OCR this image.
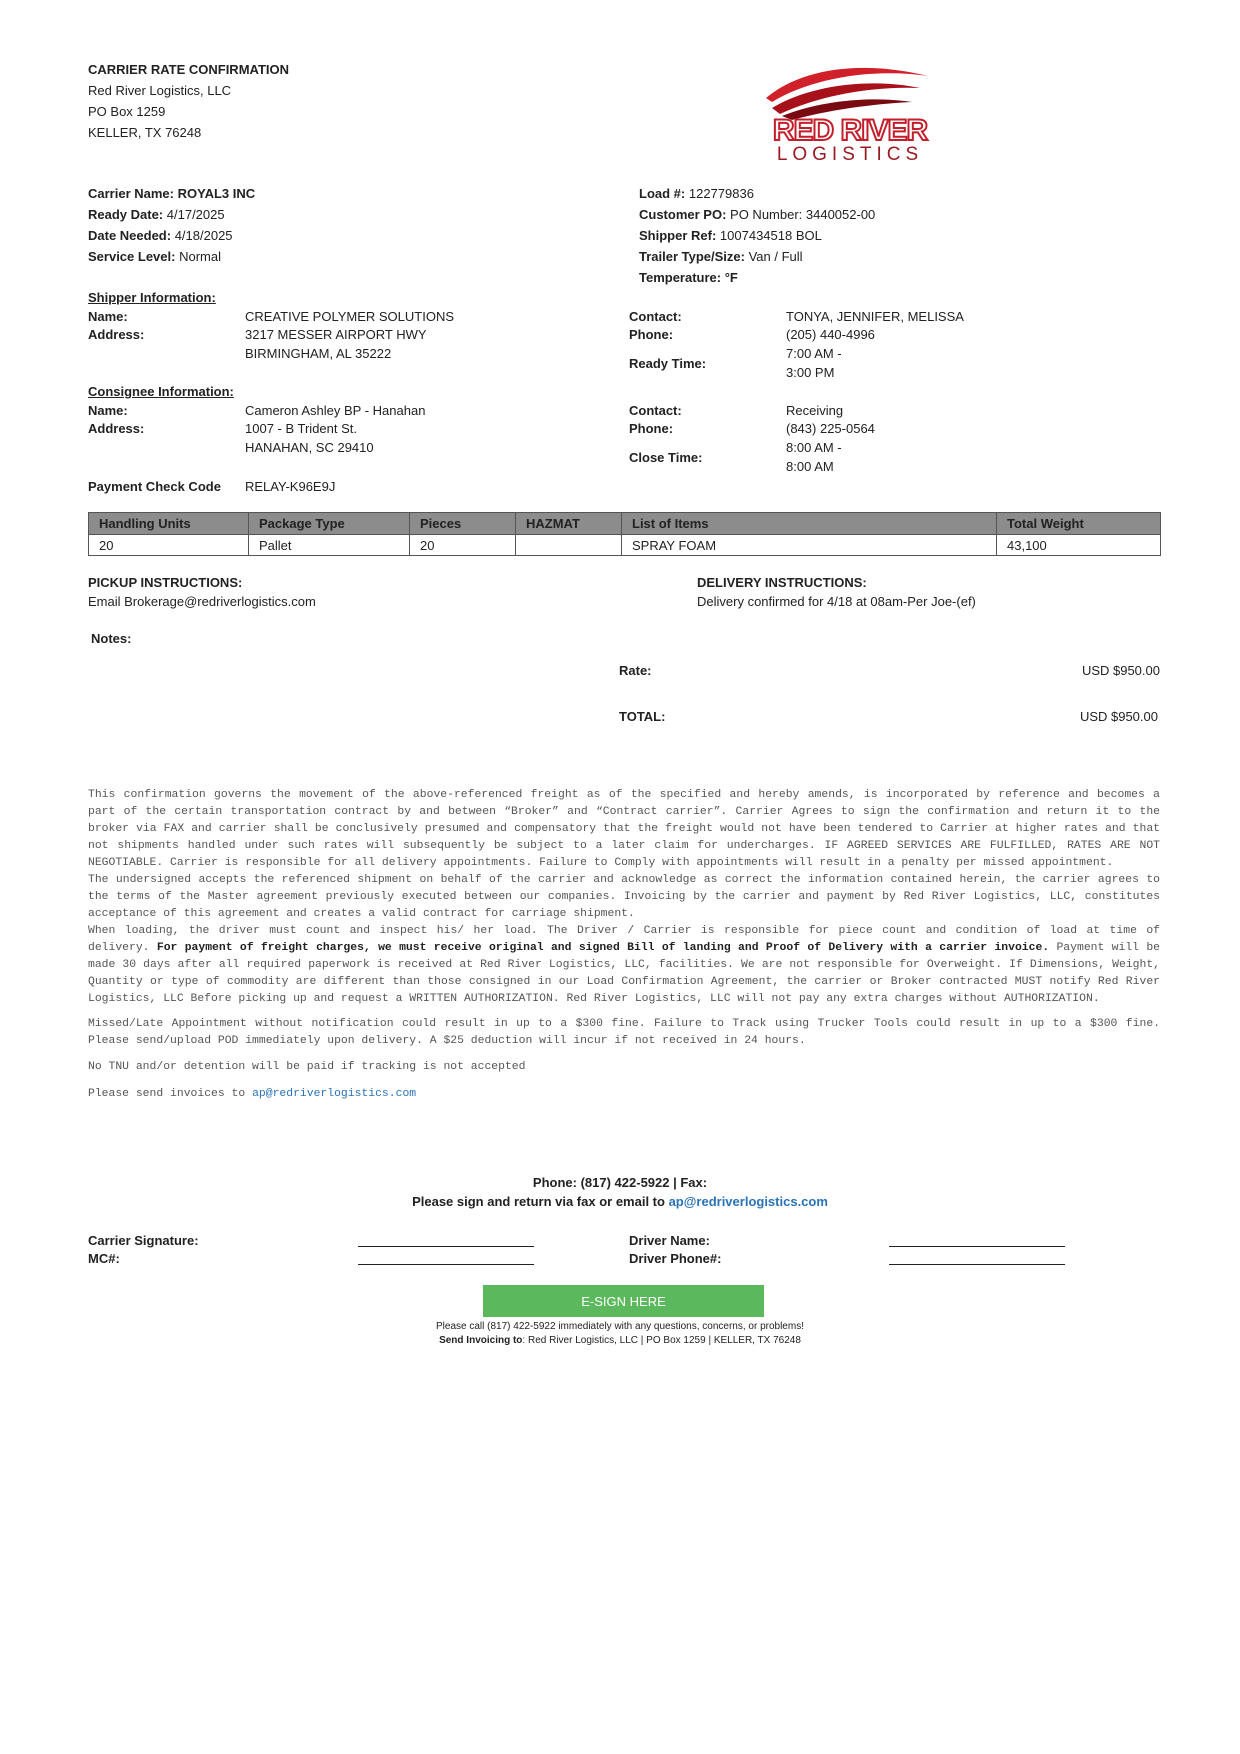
CARRIER RATE CONFIRMATION
Red River Logistics, LLC
PO Box 1259
KELLER, TX 76248	RED RIVER
LOGISTICS
Carrier Name: ROYAL3 INC
Ready Date: 4/17/2025
Date Needed: 4/18/2025
Service Level: Normal
Load #: 122779836
Customer PO: PO Number: 3440052-00
Shipper Ref: 1007434518 BOL
Trailer Type/Size: Van / Full
Temperature: °F
Shipper Information:
Name:	CREATIVE POLYMER SOLUTIONS
Address:	3217 MESSER AIRPORT HWY
BIRMINGHAM, AL 35222
Contact:	TONYA, JENNIFER, MELISSA
Phone:	(205) 440-4996
Ready Time:
7:00 AM -
3:00 PM
Consignee Information:
Name:	Cameron Ashley BP - Hanahan
Address:	1007 - B Trident St.
HANAHAN, SC 29410
Contact:	Receiving
Phone:	(843) 225-0564
Close Time:
8:00 AM -
8:00 AM
Payment Check Code RELAY-K96E9J
Handling Units	Package Type	Pieces	HAZMAT	List of Items	Total Weight
20	Pallet	20		SPRAY FOAM	43,100
PICKUP INSTRUCTIONS:
Email Brokerage@redriverlogistics.com
DELIVERY INSTRUCTIONS:
Delivery confirmed for 4/18 at 08am-Per Joe-(ef)
Notes:
Rate:	USD $950.00
TOTAL:	USD $950.00
This confirmation governs the movement of the above-referenced freight as of the specified and hereby amends, is incorporated by reference and becomes a part of the certain transportation contract by and between “Broker” and “Contract carrier”. Carrier Agrees to sign the confirmation and return it to the broker via FAX and carrier shall be conclusively presumed and compensatory that the freight would not have been tendered to Carrier at higher rates and that not shipments handled under such rates will subsequently be subject to a later claim for undercharges. IF AGREED SERVICES ARE FULFILLED, RATES ARE NOT NEGOTIABLE. Carrier is responsible for all delivery appointments. Failure to Comply with appointments will result in a penalty per missed appointment.
The undersigned accepts the referenced shipment on behalf of the carrier and acknowledge as correct the information contained herein, the carrier agrees to the terms of the Master agreement previously executed between our companies. Invoicing by the carrier and payment by Red River Logistics, LLC, constitutes acceptance of this agreement and creates a valid contract for carriage shipment.
When loading, the driver must count and inspect his/ her load. The Driver / Carrier is responsible for piece count and condition of load at time of delivery. For payment of freight charges, we must receive original and signed Bill of landing and Proof of Delivery with a carrier invoice. Payment will be made 30 days after all required paperwork is received at Red River Logistics, LLC, facilities. We are not responsible for Overweight. If Dimensions, Weight, Quantity or type of commodity are different than those consigned in our Load Confirmation Agreement, the carrier or Broker contracted MUST notify Red River Logistics, LLC Before picking up and request a WRITTEN AUTHORIZATION. Red River Logistics, LLC will not pay any extra charges without AUTHORIZATION.
Missed/Late Appointment without notification could result in up to a $300 fine. Failure to Track using Trucker Tools could result in up to a $300 fine. Please send/upload POD immediately upon delivery. A $25 deduction will incur if not received in 24 hours.
No TNU and/or detention will be paid if tracking is not accepted
Please send invoices to ap@redriverlogistics.com
Phone: (817) 422-5922 | Fax:
Please sign and return via fax or email to ap@redriverlogistics.com
Carrier Signature:
MC#:
Driver Name:
Driver Phone#:
E-SIGN HERE
Please call (817) 422-5922 immediately with any questions, concerns, or problems!
Send Invoicing to: Red River Logistics, LLC | PO Box 1259 | KELLER, TX 76248
